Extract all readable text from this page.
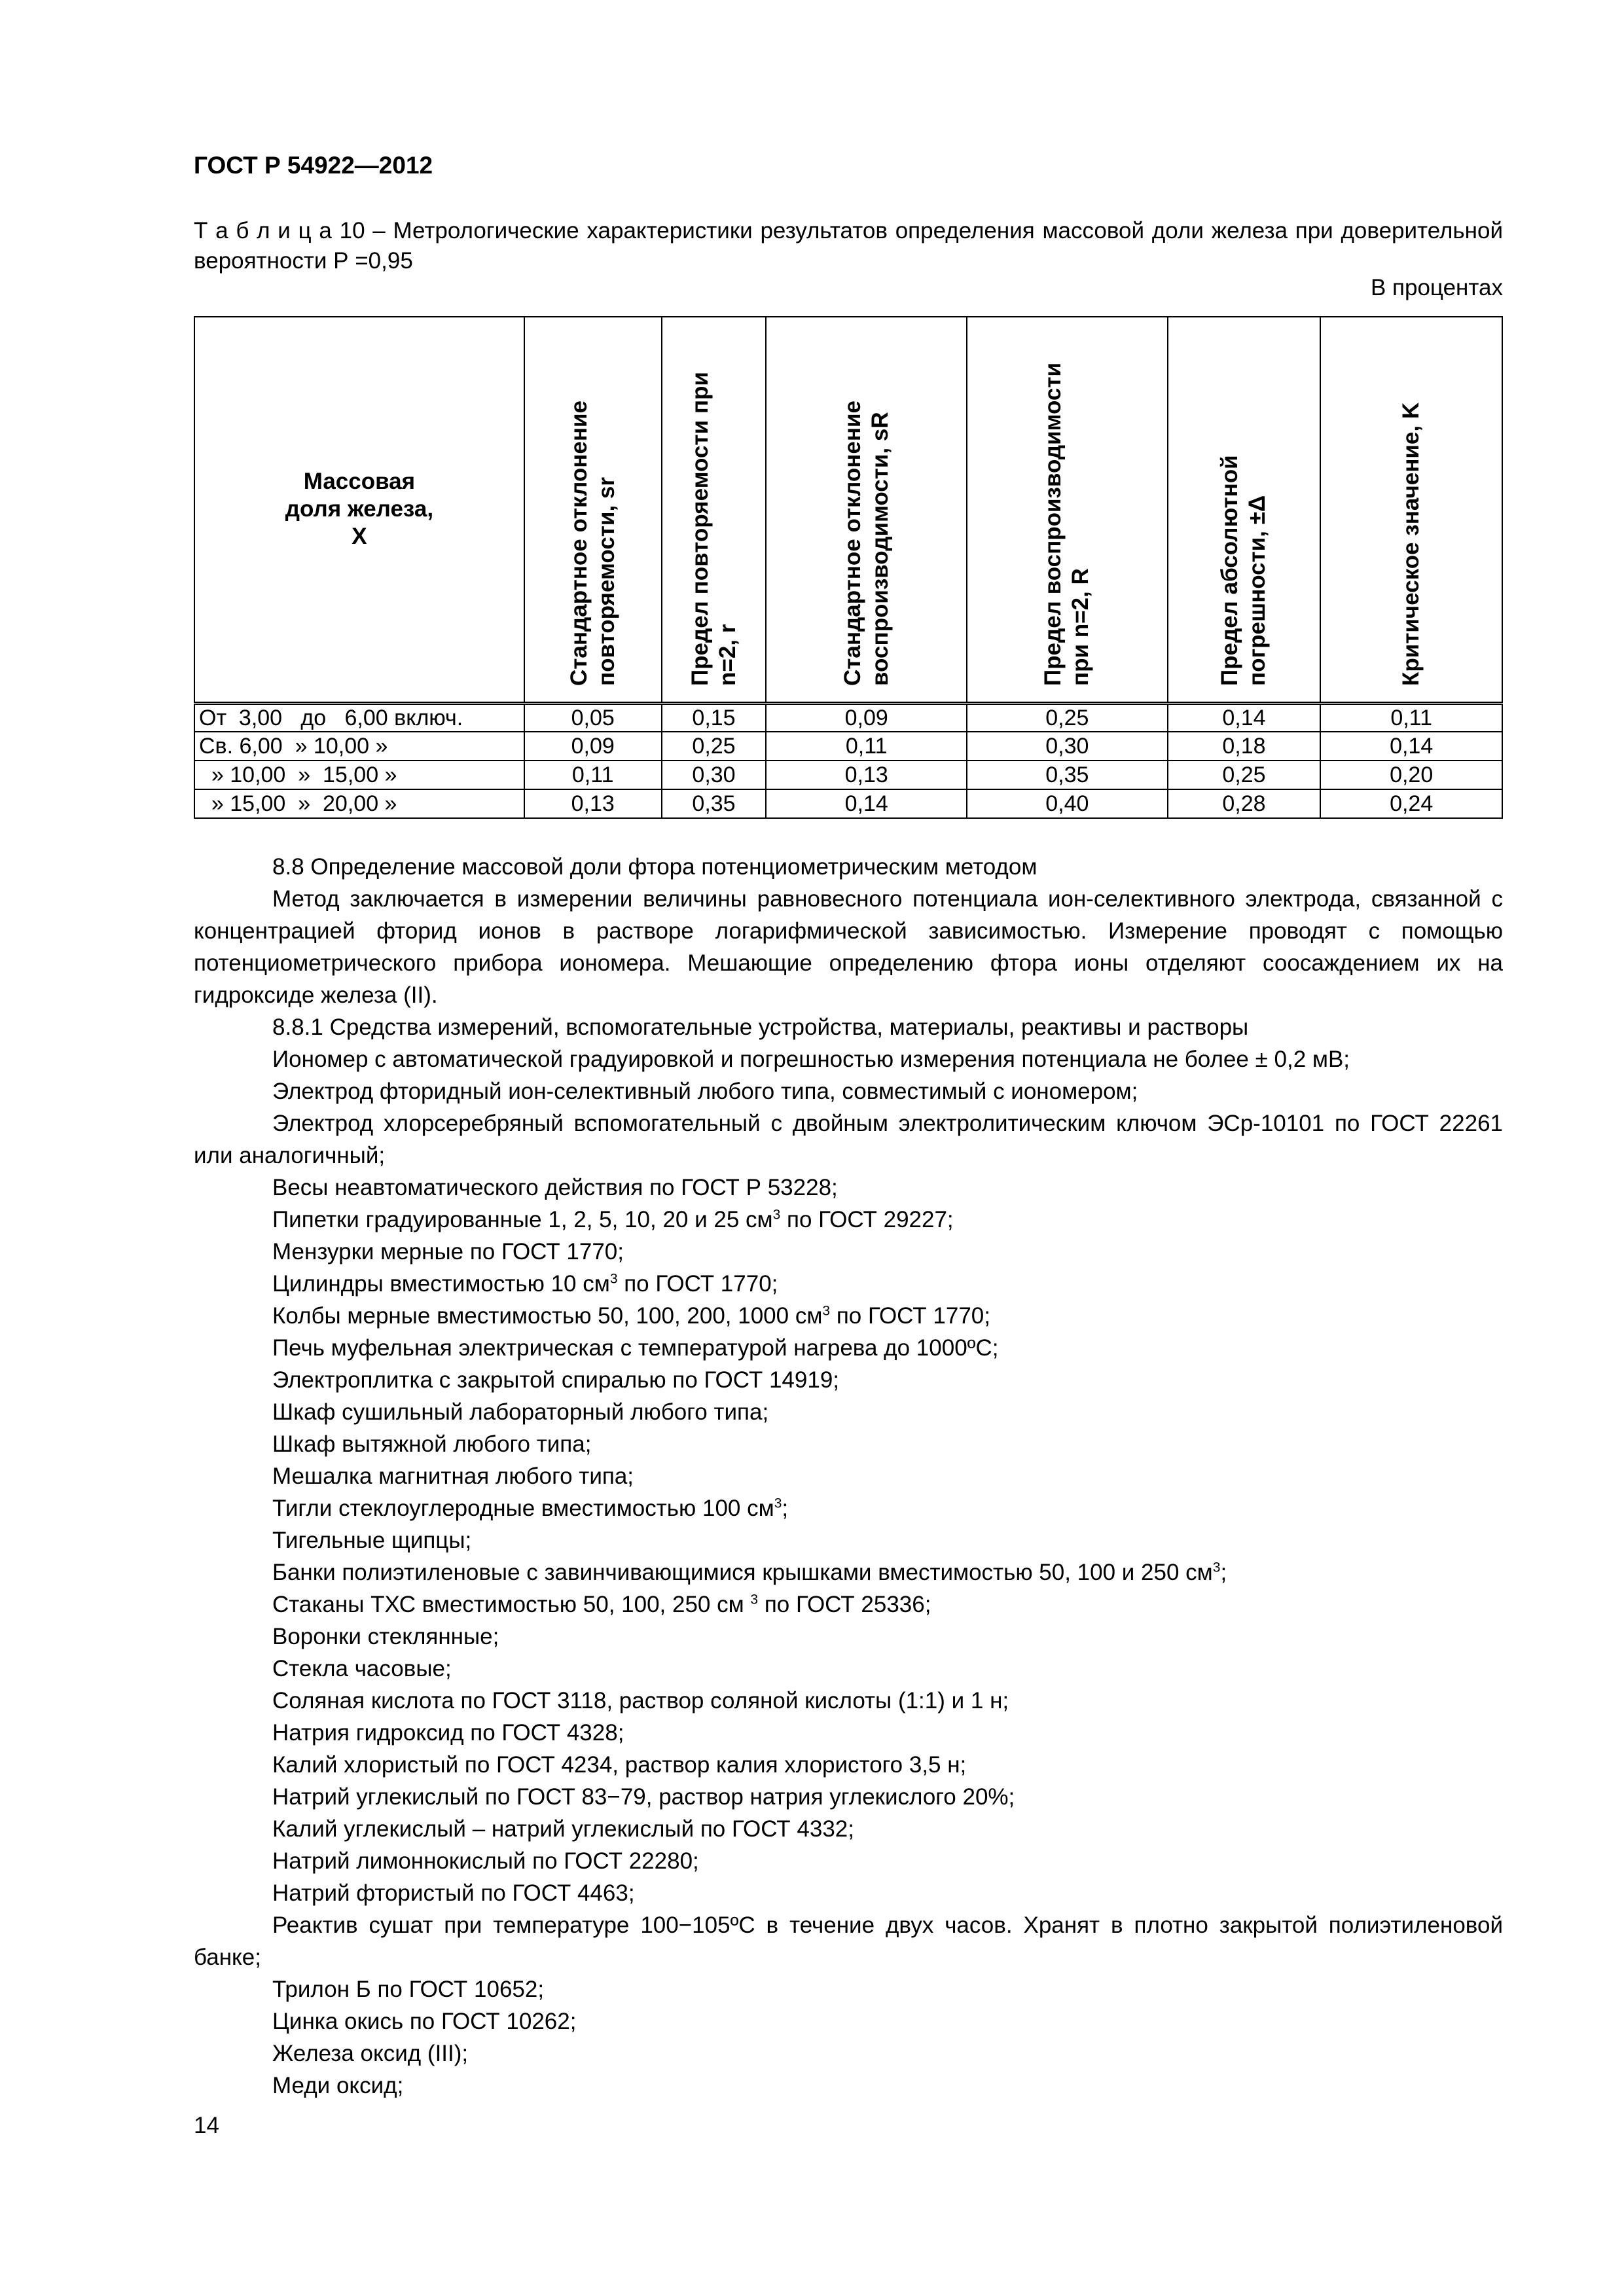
ГОСТ Р 54922—2012
Т а б л и ц а 10 – Метрологические характеристики результатов определения массовой доли железа при доверительной вероятности Р =0,95
В процентах
Массовая доля железа, X	Стандартное отклонение повторяемости, sr	Предел повторяемости при n=2, r	Стандартное отклонение воспроизводимости, sR	Предел воспроизводимости при n=2, R	Предел абсолютной погрешности, ±Δ	Критическое значение, K

От  3,00   до   6,00 включ.	0,05	0,15	0,09	0,25	0,14	0,11
Св. 6,00  » 10,00 »	0,09	0,25	0,11	0,30	0,18	0,14
» 10,00  »  15,00 »	0,11	0,30	0,13	0,35	0,25	0,20
» 15,00  »  20,00 »	0,13	0,35	0,14	0,40	0,28	0,24

8.8 Определение массовой доли фтора потенциометрическим методом

Метод заключается в измерении величины равновесного потенциала ион-селективного электрода, связанной с концентрацией фторид ионов в растворе логарифмической зависимостью. Измерение проводят с помощью потенциометрического прибора иономера. Мешающие определению фтора ионы отделяют соосаждением их на гидроксиде железа (II).

8.8.1 Средства измерений, вспомогательные устройства, материалы, реактивы и растворы

Иономер с автоматической градуировкой и погрешностью измерения потенциала не более ± 0,2 мВ;

Электрод фторидный ион-селективный любого типа, совместимый с иономером;

Электрод хлорсеребряный вспомогательный с двойным электролитическим ключом ЭСр-10101 по ГОСТ 22261 или аналогичный;

Весы неавтоматического действия по ГОСТ Р 53228;

Пипетки градуированные 1, 2, 5, 10, 20 и 25 $см^3$ по ГОСТ 29227;

Мензурки мерные по ГОСТ 1770;

Цилиндры вместимостью 10 $см^3$ по ГОСТ 1770;

Колбы мерные вместимостью 50, 100, 200, 1000 $см^3$ по ГОСТ 1770;

Печь муфельная электрическая с температурой нагрева до 1000ºС;

Электроплитка с закрытой спиралью по ГОСТ 14919;

Шкаф сушильный лабораторный любого типа;

Шкаф вытяжной любого типа;

Мешалка магнитная любого типа;

Тигли стеклоуглеродные вместимостью 100 $см^3$;

Тигельные щипцы;

Банки полиэтиленовые с завинчивающимися крышками вместимостью 50, 100 и 250 $см^3$;

Стаканы ТХС вместимостью 50, 100, 250 см $^3$ по ГОСТ 25336;

Воронки стеклянные;

Стекла часовые;

Соляная кислота по ГОСТ 3118, раствор соляной кислоты (1:1) и 1 н;

Натрия гидроксид по ГОСТ 4328;

Калий хлористый по ГОСТ 4234, раствор калия хлористого 3,5 н;

Натрий углекислый по ГОСТ 83−79, раствор натрия углекислого 20%;

Калий углекислый – натрий углекислый по ГОСТ 4332;

Натрий лимоннокислый по ГОСТ 22280;

Натрий фтористый по ГОСТ 4463;

Реактив сушат при температуре 100−105ºС в течение двух часов. Хранят в плотно закрытой полиэтиленовой банке;

Трилон Б по ГОСТ 10652;

Цинка окись по ГОСТ 10262;

Железа оксид (III);

Меди оксид;

14
